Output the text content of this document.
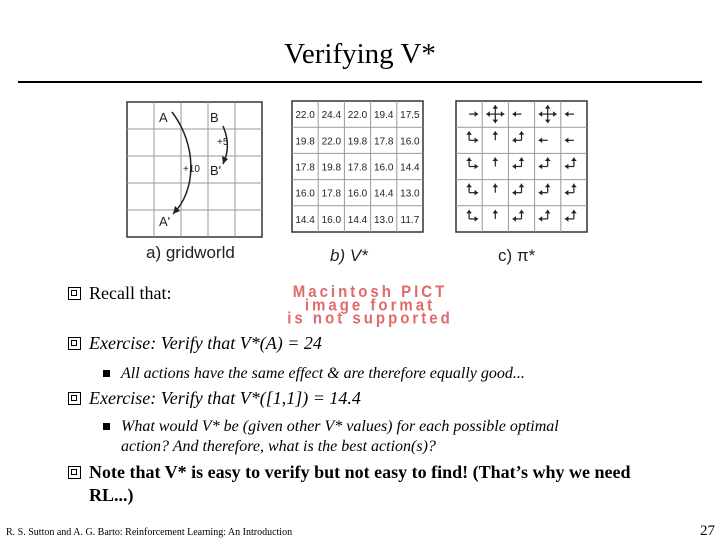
Verifying V*
A	B
B'
A'
+10
+5
a) gridworld
22.0 24.4 22.0 19.4 17.5
19.8 22.0 19.8 17.8 16.0
17.8 19.8 17.8 16.0 14.4
16.0 17.8 16.0 14.4 13.0
14.4 16.0 14.4 13.0 11.7
b) V*	c) π*
Recall that:	Macintosh PICT
image format
is not supported
Exercise: Verify that V*(A) = 24
All actions have the same effect & are therefore equally good...
Exercise: Verify that V*([1,1]) = 14.4
What would V* be (given other V* values) for each possible optimal
action? And therefore, what is the best action(s)?
Note that V* is easy to verify but not easy to find! (That’s why we need
RL...)
R. S. Sutton and A. G. Barto: Reinforcement Learning: An Introduction	27
